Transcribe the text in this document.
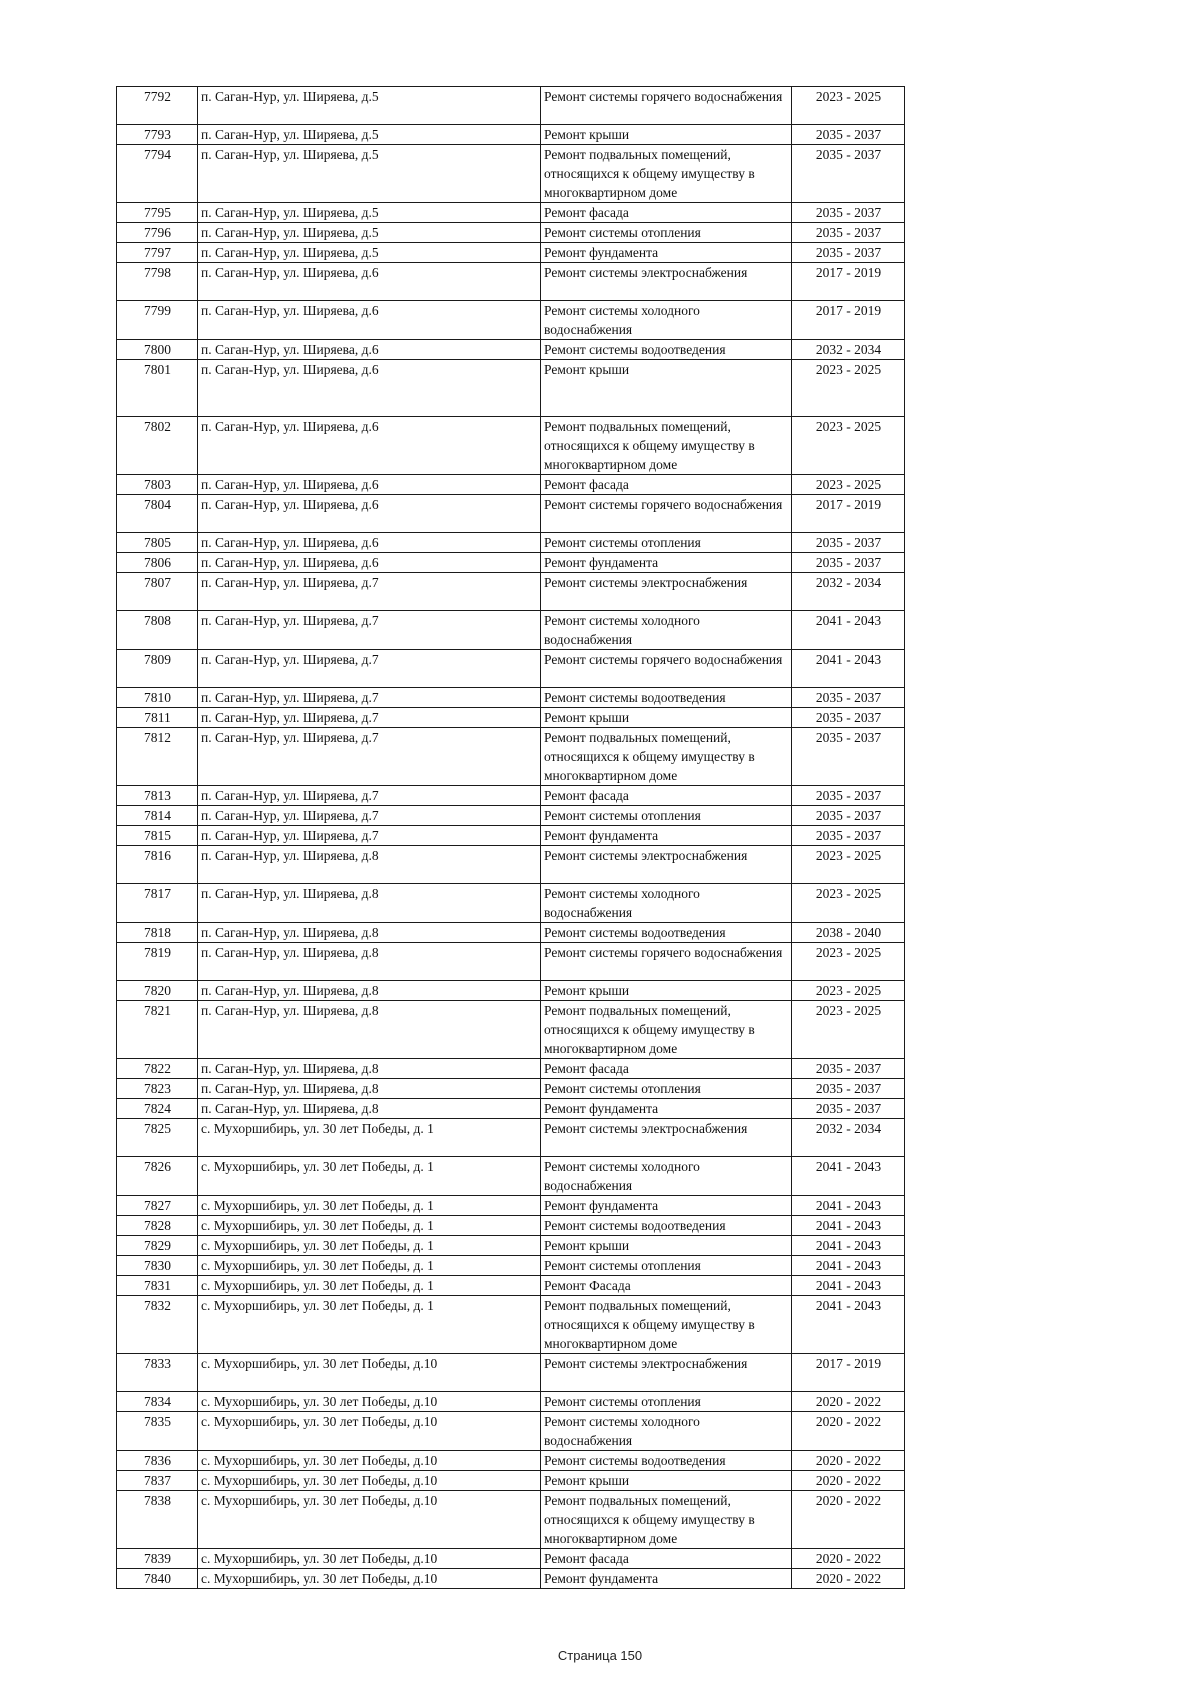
7792	п. Саган-Нур, ул. Ширяева, д.5	Ремонт системы горячего водоснабжения	2023 - 2025
7793	п. Саган-Нур, ул. Ширяева, д.5	Ремонт крыши	2035 - 2037
7794	п. Саган-Нур, ул. Ширяева, д.5	Ремонт подвальных помещений, относящихся к общему имуществу в многоквартирном доме	2035 - 2037
7795	п. Саган-Нур, ул. Ширяева, д.5	Ремонт фасада	2035 - 2037
7796	п. Саган-Нур, ул. Ширяева, д.5	Ремонт системы отопления	2035 - 2037
7797	п. Саган-Нур, ул. Ширяева, д.5	Ремонт фундамента	2035 - 2037
7798	п. Саган-Нур, ул. Ширяева, д.6	Ремонт системы электроснабжения	2017 - 2019
7799	п. Саган-Нур, ул. Ширяева, д.6	Ремонт системы холодного водоснабжения	2017 - 2019
7800	п. Саган-Нур, ул. Ширяева, д.6	Ремонт системы водоотведения	2032 - 2034
7801	п. Саган-Нур, ул. Ширяева, д.6	Ремонт крыши	2023 - 2025
7802	п. Саган-Нур, ул. Ширяева, д.6	Ремонт подвальных помещений, относящихся к общему имуществу в многоквартирном доме	2023 - 2025
7803	п. Саган-Нур, ул. Ширяева, д.6	Ремонт фасада	2023 - 2025
7804	п. Саган-Нур, ул. Ширяева, д.6	Ремонт системы горячего водоснабжения	2017 - 2019
7805	п. Саган-Нур, ул. Ширяева, д.6	Ремонт системы отопления	2035 - 2037
7806	п. Саган-Нур, ул. Ширяева, д.6	Ремонт фундамента	2035 - 2037
7807	п. Саган-Нур, ул. Ширяева, д.7	Ремонт системы электроснабжения	2032 - 2034
7808	п. Саган-Нур, ул. Ширяева, д.7	Ремонт системы холодного водоснабжения	2041 - 2043
7809	п. Саган-Нур, ул. Ширяева, д.7	Ремонт системы горячего водоснабжения	2041 - 2043
7810	п. Саган-Нур, ул. Ширяева, д.7	Ремонт системы водоотведения	2035 - 2037
7811	п. Саган-Нур, ул. Ширяева, д.7	Ремонт крыши	2035 - 2037
7812	п. Саган-Нур, ул. Ширяева, д.7	Ремонт подвальных помещений, относящихся к общему имуществу в многоквартирном доме	2035 - 2037
7813	п. Саган-Нур, ул. Ширяева, д.7	Ремонт фасада	2035 - 2037
7814	п. Саган-Нур, ул. Ширяева, д.7	Ремонт системы отопления	2035 - 2037
7815	п. Саган-Нур, ул. Ширяева, д.7	Ремонт фундамента	2035 - 2037
7816	п. Саган-Нур, ул. Ширяева, д.8	Ремонт системы электроснабжения	2023 - 2025
7817	п. Саган-Нур, ул. Ширяева, д.8	Ремонт системы холодного водоснабжения	2023 - 2025
7818	п. Саган-Нур, ул. Ширяева, д.8	Ремонт системы водоотведения	2038 - 2040
7819	п. Саган-Нур, ул. Ширяева, д.8	Ремонт системы горячего водоснабжения	2023 - 2025
7820	п. Саган-Нур, ул. Ширяева, д.8	Ремонт крыши	2023 - 2025
7821	п. Саган-Нур, ул. Ширяева, д.8	Ремонт подвальных помещений, относящихся к общему имуществу в многоквартирном доме	2023 - 2025
7822	п. Саган-Нур, ул. Ширяева, д.8	Ремонт фасада	2035 - 2037
7823	п. Саган-Нур, ул. Ширяева, д.8	Ремонт системы отопления	2035 - 2037
7824	п. Саган-Нур, ул. Ширяева, д.8	Ремонт фундамента	2035 - 2037
7825	с. Мухоршибирь, ул. 30 лет Победы, д. 1	Ремонт системы электроснабжения	2032 - 2034
7826	с. Мухоршибирь, ул. 30 лет Победы, д. 1	Ремонт системы холодного водоснабжения	2041 - 2043
7827	с. Мухоршибирь, ул. 30 лет Победы, д. 1	Ремонт фундамента	2041 - 2043
7828	с. Мухоршибирь, ул. 30 лет Победы, д. 1	Ремонт системы водоотведения	2041 - 2043
7829	с. Мухоршибирь, ул. 30 лет Победы, д. 1	Ремонт крыши	2041 - 2043
7830	с. Мухоршибирь, ул. 30 лет Победы, д. 1	Ремонт системы отопления	2041 - 2043
7831	с. Мухоршибирь, ул. 30 лет Победы, д. 1	Ремонт Фасада	2041 - 2043
7832	с. Мухоршибирь, ул. 30 лет Победы, д. 1	Ремонт подвальных помещений, относящихся к общему имуществу в многоквартирном доме	2041 - 2043
7833	с. Мухоршибирь, ул. 30 лет Победы, д.10	Ремонт системы электроснабжения	2017 - 2019
7834	с. Мухоршибирь, ул. 30 лет Победы, д.10	Ремонт системы отопления	2020 - 2022
7835	с. Мухоршибирь, ул. 30 лет Победы, д.10	Ремонт системы холодного водоснабжения	2020 - 2022
7836	с. Мухоршибирь, ул. 30 лет Победы, д.10	Ремонт системы водоотведения	2020 - 2022
7837	с. Мухоршибирь, ул. 30 лет Победы, д.10	Ремонт крыши	2020 - 2022
7838	с. Мухоршибирь, ул. 30 лет Победы, д.10	Ремонт подвальных помещений, относящихся к общему имуществу в многоквартирном доме	2020 - 2022
7839	с. Мухоршибирь, ул. 30 лет Победы, д.10	Ремонт фасада	2020 - 2022
7840	с. Мухоршибирь, ул. 30 лет Победы, д.10	Ремонт фундамента	2020 - 2022
Страница 150
